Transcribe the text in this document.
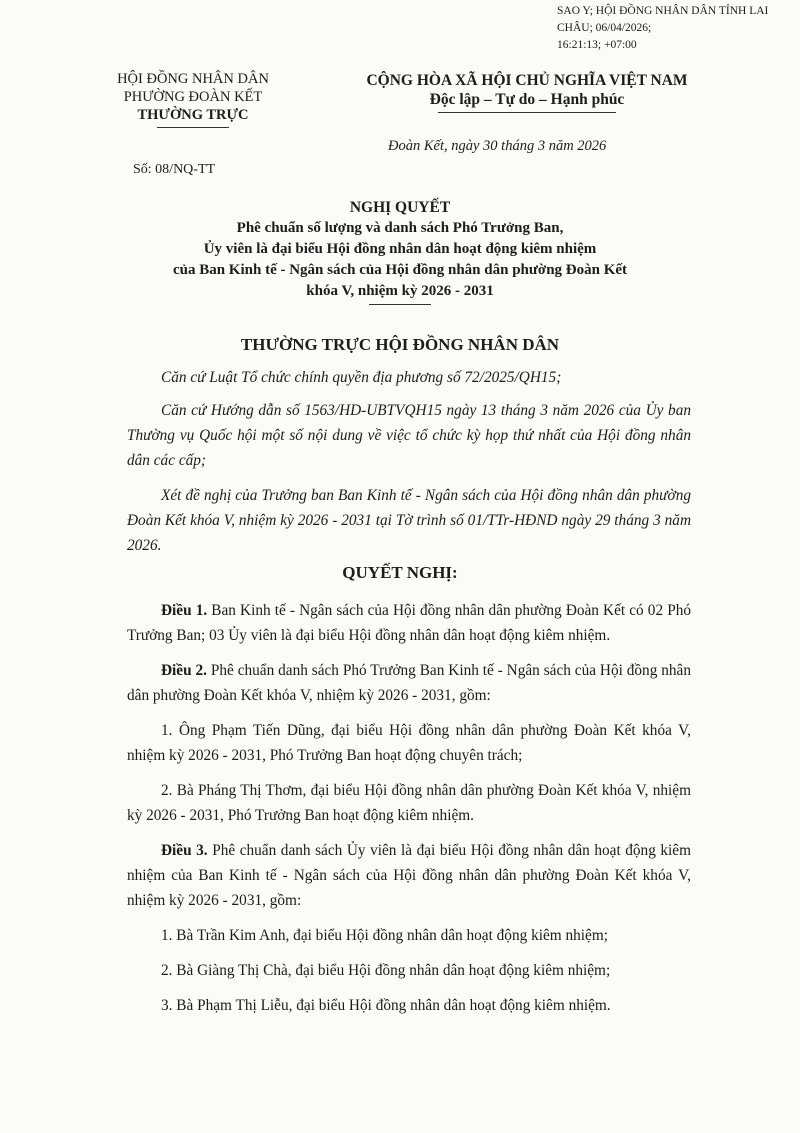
SAO Y; HỘI ĐỒNG NHÂN DÂN TỈNH LAI CHÂU; 06/04/2026;
16:21:13; +07:00
HỘI ĐỒNG NHÂN DÂN
PHƯỜNG ĐOÀN KẾT
THƯỜNG TRỰC
Số: 08/NQ-TT
CỘNG HÒA XÃ HỘI CHỦ NGHĨA VIỆT NAM
Độc lập – Tự do – Hạnh phúc
Đoàn Kết, ngày 30 tháng 3 năm 2026
NGHỊ QUYẾT
Phê chuẩn số lượng và danh sách Phó Trưởng Ban,
Ủy viên là đại biểu Hội đồng nhân dân hoạt động kiêm nhiệm
của Ban Kinh tế - Ngân sách của Hội đồng nhân dân phường Đoàn Kết
khóa V, nhiệm kỳ 2026 - 2031
THƯỜNG TRỰC HỘI ĐỒNG NHÂN DÂN
QUYẾT NGHỊ:

Căn cứ Luật Tổ chức chính quyền địa phương số 72/2025/QH15;

Căn cứ Hướng dẫn số 1563/HD-UBTVQH15 ngày 13 tháng 3 năm 2026 của Ủy ban Thường vụ Quốc hội một số nội dung về việc tổ chức kỳ họp thứ nhất của Hội đồng nhân dân các cấp;

Xét đề nghị của Trưởng ban Ban Kinh tế - Ngân sách của Hội đồng nhân dân phường Đoàn Kết khóa V, nhiệm kỳ 2026 - 2031 tại Tờ trình số 01/TTr-HĐND ngày 29 tháng 3 năm 2026.

Điều 1. Ban Kinh tế - Ngân sách của Hội đồng nhân dân phường Đoàn Kết có 02 Phó Trưởng Ban; 03 Ủy viên là đại biểu Hội đồng nhân dân hoạt động kiêm nhiệm.

Điều 2. Phê chuẩn danh sách Phó Trưởng Ban Kinh tế - Ngân sách của Hội đồng nhân dân phường Đoàn Kết khóa V, nhiệm kỳ 2026 - 2031, gồm:

1. Ông Phạm Tiến Dũng, đại biểu Hội đồng nhân dân phường Đoàn Kết khóa V, nhiệm kỳ 2026 - 2031, Phó Trưởng Ban hoạt động chuyên trách;

2. Bà Pháng Thị Thơm, đại biểu Hội đồng nhân dân phường Đoàn Kết khóa V, nhiệm kỳ 2026 - 2031, Phó Trưởng Ban hoạt động kiêm nhiệm.

Điều 3. Phê chuẩn danh sách Ủy viên là đại biểu Hội đồng nhân dân hoạt động kiêm nhiệm của Ban Kinh tế - Ngân sách của Hội đồng nhân dân phường Đoàn Kết khóa V, nhiệm kỳ 2026 - 2031, gồm:

1. Bà Trần Kim Anh, đại biểu Hội đồng nhân dân hoạt động kiêm nhiệm;

2. Bà Giàng Thị Chà, đại biểu Hội đồng nhân dân hoạt động kiêm nhiệm;

3. Bà Phạm Thị Liễu, đại biểu Hội đồng nhân dân hoạt động kiêm nhiệm.
